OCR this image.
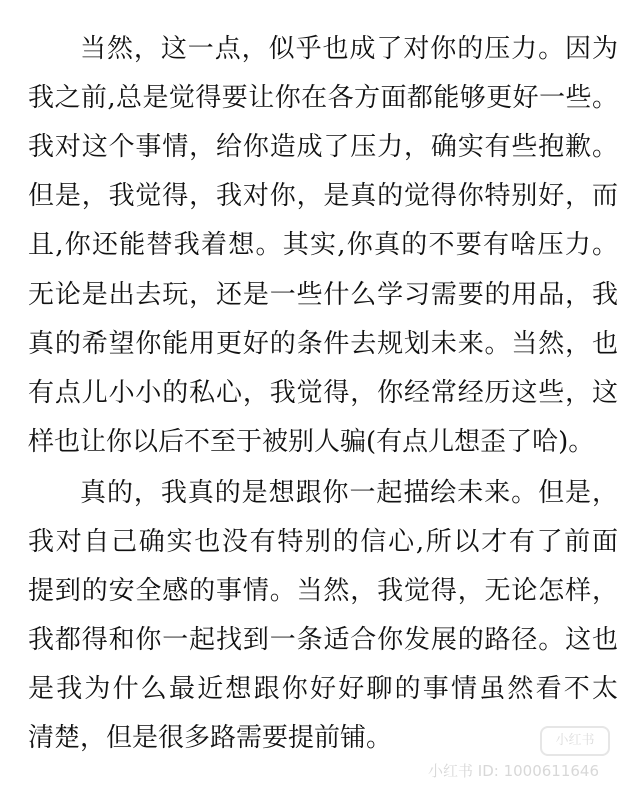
当然，这一点，似乎也成了对你的压力。因为
我之前,总是觉得要让你在各方面都能够更好一些。
我对这个事情，给你造成了压力，确实有些抱歉。
但是，我觉得，我对你，是真的觉得你特别好，而
且,你还能替我着想。其实,你真的不要有啥压力。
无论是出去玩，还是一些什么学习需要的用品，我
真的希望你能用更好的条件去规划未来。当然，也
有点儿小小的私心，我觉得，你经常经历这些，这
样也让你以后不至于被别人骗(有点儿想歪了哈)。
真的，我真的是想跟你一起描绘未来。但是，
我对自己确实也没有特别的信心,所以才有了前面
提到的安全感的事情。当然，我觉得，无论怎样，
我都得和你一起找到一条适合你发展的路径。这也
是我为什么最近想跟你好好聊的事情虽然看不太
清楚，但是很多路需要提前铺。	小红书
小红书 ID: 1000611646
